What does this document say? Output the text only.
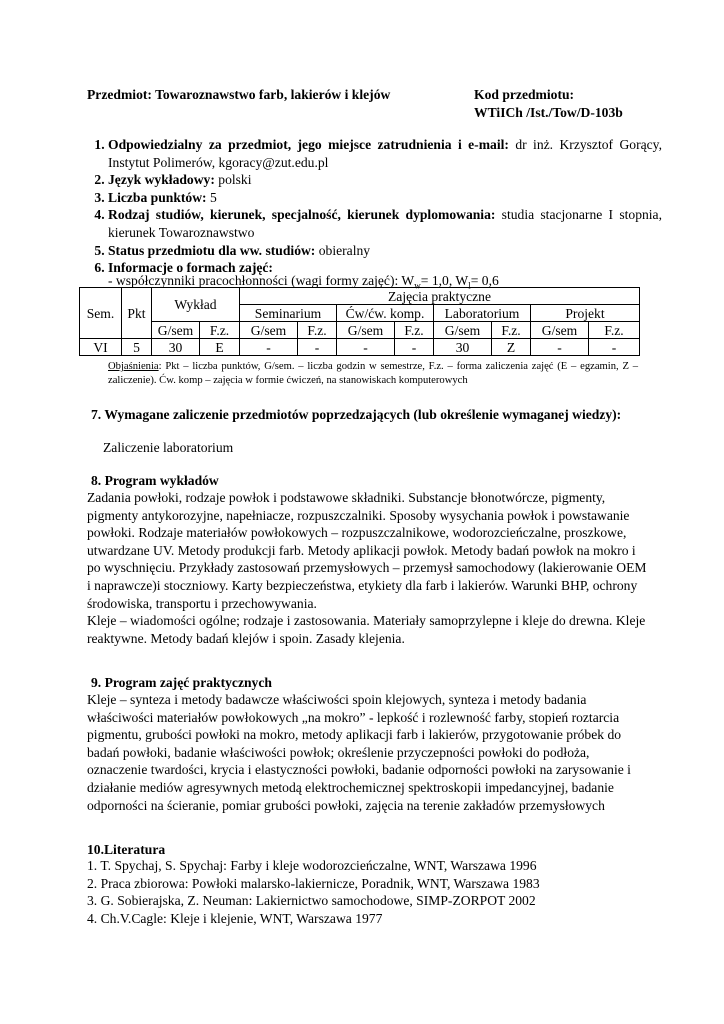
Przedmiot: Towaroznawstwo farb, lakierów i klejów	Kod przedmiotu:
WTiICh /Ist./Tow/D-103b
1. Odpowiedzialny za przedmiot, jego miejsce zatrudnienia i e-mail: dr inż. Krzysztof Gorący, Instytut Polimerów, kgoracy@zut.edu.pl
2. Język wykładowy: polski
3. Liczba punktów: 5
4. Rodzaj studiów, kierunek, specjalność, kierunek dyplomowania: studia stacjonarne I stopnia, kierunek Towaroznawstwo
5. Status przedmiotu dla ww. studiów: obieralny
6. Informacje o formach zajęć:
- współczynniki pracochłonności (wagi formy zajęć): $W_w= 1,0$, $W_l= 0,6$
Sem.	Pkt	Wykład		Zajęcia praktyczne							
				Seminarium		Ćw/ćw. komp.		Laboratorium		Projekt	
		G/sem	F.z.	G/sem	F.z.	G/sem	F.z.	G/sem	F.z.	G/sem	F.z.
VI	5	30	E	-	-	-	-	30	Z	-	-
Objaśnienia: Pkt – liczba punktów, G/sem. – liczba godzin w semestrze, F.z. – forma zaliczenia zajęć (E – egzamin, Z – zaliczenie). Ćw. komp – zajęcia w formie ćwiczeń, na stanowiskach komputerowych
7. Wymagane zaliczenie przedmiotów poprzedzających (lub określenie wymaganej wiedzy):
Zaliczenie laboratorium
8. Program wykładów

Zadania powłoki, rodzaje powłok i podstawowe składniki. Substancje błonotwórcze, pigmenty, pigmenty antykorozyjne, napełniacze, rozpuszczalniki. Sposoby wysychania powłok i powstawanie powłoki. Rodzaje materiałów powłokowych – rozpuszczalnikowe, wodorozcieńczalne, proszkowe, utwardzane UV. Metody produkcji farb. Metody aplikacji powłok. Metody badań powłok na mokro i po wyschnięciu. Przykłady zastosowań przemysłowych – przemysł samochodowy (lakierowanie OEM i naprawcze)i stoczniowy. Karty bezpieczeństwa, etykiety dla farb i lakierów. Warunki BHP, ochrony środowiska, transportu i przechowywania.

Kleje – wiadomości ogólne; rodzaje i zastosowania. Materiały samoprzylepne i kleje do drewna. Kleje reaktywne. Metody badań klejów i spoin. Zasady klejenia.

9. Program zajęć praktycznych

Kleje – synteza i metody badawcze właściwości spoin klejowych, synteza i metody badania właściwości materiałów powłokowych „na mokro” - lepkość i rozlewność farby, stopień roztarcia pigmentu, grubości powłoki na mokro, metody aplikacji farb i lakierów, przygotowanie próbek do badań powłoki, badanie właściwości powłok; określenie przyczepności powłoki do podłoża, oznaczenie twardości, krycia i elastyczności powłoki, badanie odporności powłoki na zarysowanie i działanie mediów agresywnych metodą elektrochemicznej spektroskopii impedancyjnej, badanie odporności na ścieranie, pomiar grubości powłoki, zajęcia na terenie zakładów przemysłowych

10.Literatura

1. T. Spychaj, S. Spychaj: Farby i kleje wodorozcieńczalne, WNT, Warszawa 1996

2. Praca zbiorowa: Powłoki malarsko-lakiernicze, Poradnik, WNT, Warszawa 1983

3. G. Sobierajska, Z. Neuman: Lakiernictwo samochodowe, SIMP-ZORPOT 2002

4. Ch.V.Cagle: Kleje i klejenie, WNT, Warszawa 1977
